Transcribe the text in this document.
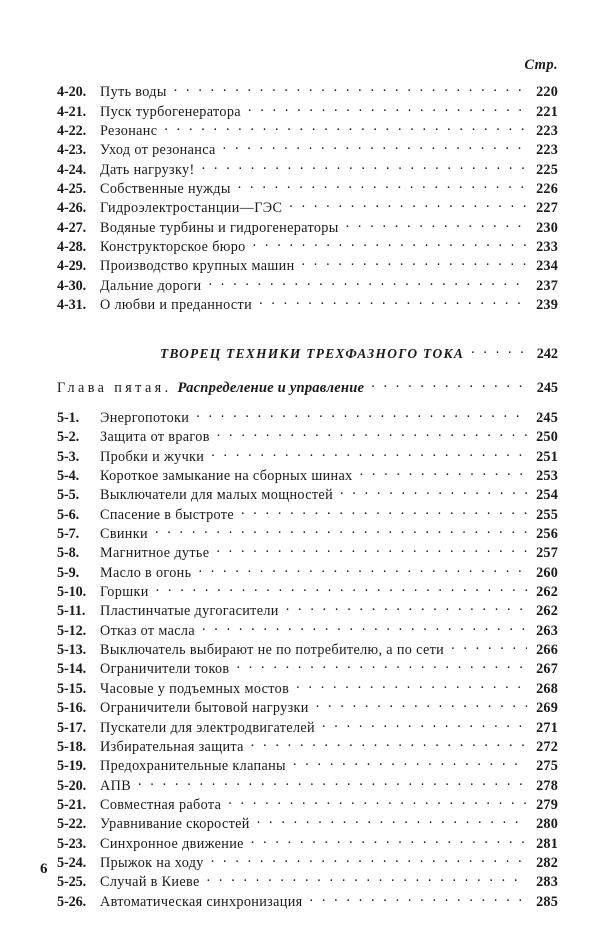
Стр.
4-20. Путь воды . . .	220
4-21. Пуск турбогенератора . . .	221
4-22. Резонанс . . .	223
4-23. Уход от резонанса . . .	223
4-24. Дать нагрузку! . . .	225
4-25. Собственные нужды . . .	226
4-26. Гидроэлектростанции—ГЭС . . .	227
4-27. Водяные турбины и гидрогенераторы . . .	230
4-28. Конструкторское бюро . . .	233
4-29. Производство крупных машин . . .	234
4-30. Дальние дороги . . .	237
4-31. О любви и преданности . . .	239
ТВОРЕЦ ТЕХНИКИ ТРЕХФАЗНОГО ТОКА . . .	242
Глава пятая. Распределение и управление . . .	245
5-1.	Энергопотоки . . .	245
5-2.	Защита от врагов . . .	250
5-3.	Пробки и жучки . . .	251
5-4.	Короткое замыкание на сборных шинах . . .	253
5-5.	Выключатели для малых мощностей . . .	254
5-6.	Спасение в быстроте . . .	255
5-7.	Свинки . . .	256
5-8.	Магнитное дутье . . .	257
5-9.	Масло в огонь . . .	260
5-10. Горшки . . .	262
5-11.	Пластинчатые дугогасители . . .	262
5-12. Отказ от масла . . .	263
5-13. Выключатель выбирают не по потребителю, а по сети . . .	266
5-14. Ограничители токов . . .	267
5-15. Часовые у подъемных мостов . . .	268
5-16. Ограничители бытовой нагрузки . . .	269
5-17. Пускатели для электродвигателей . . .	271
5-18. Избирательная защита . . .	272
5-19. Предохранительные клапаны . . .	275
5-20. АПВ . . .	278
5-21. Совместная работа . . .	279
5-22. Уравнивание скоростей . . .	280
5-23. Синхронное движение . . .	281
5-24. Прыжок на ходу . . .	282
5-25. Случай в Киеве . . .	283
5-26. Автоматическая синхронизация . . .	285
6
